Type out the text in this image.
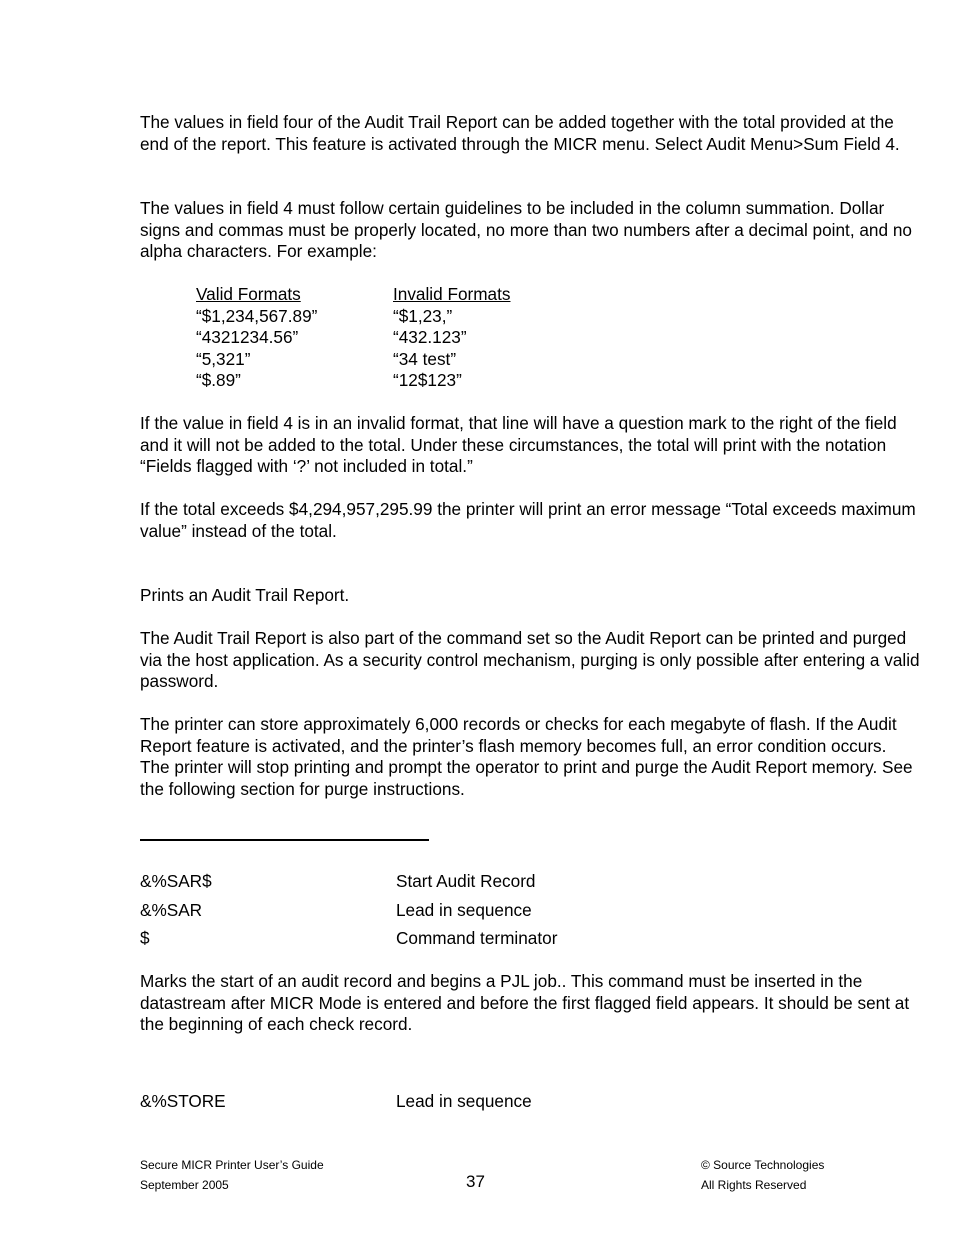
The values in field four of the Audit Trail Report can be added together with the total provided at the end of the report. This feature is activated through the MICR menu. Select Audit Menu>Sum Field 4.

The values in field 4 must follow certain guidelines to be included in the column summation. Dollar signs and commas must be properly located, no more than two numbers after a decimal point, and no alpha characters. For example:

Valid Formats	Invalid Formats
“$1,234,567.89”	“$1,23,”
“4321234.56”	“432.123”
“5,321”	“34 test”
“$.89”	“12$123”

If the value in field 4 is in an invalid format, that line will have a question mark to the right of the field and it will not be added to the total. Under these circumstances, the total will print with the notation “Fields flagged with ‘?’ not included in total.”

If the total exceeds $4,294,957,295.99 the printer will print an error message “Total exceeds maximum value” instead of the total.

Prints an Audit Trail Report.

The Audit Trail Report is also part of the command set so the Audit Report can be printed and purged via the host application. As a security control mechanism, purging is only possible after entering a valid password.

The printer can store approximately 6,000 records or checks for each megabyte of flash. If the Audit Report feature is activated, and the printer’s flash memory becomes full, an error condition occurs. The printer will stop printing and prompt the operator to print and purge the Audit Report memory. See the following section for purge instructions.

&%SAR$	Start Audit Record
&%SAR	Lead in sequence
$	Command terminator

Marks the start of an audit record and begins a PJL job.. This command must be inserted in the datastream after MICR Mode is entered and before the first flagged field appears. It should be sent at the beginning of each check record.

&%STORE	Lead in sequence
Secure MICR Printer User’s Guide
September 2005	37
© Source Technologies
All Rights Reserved
